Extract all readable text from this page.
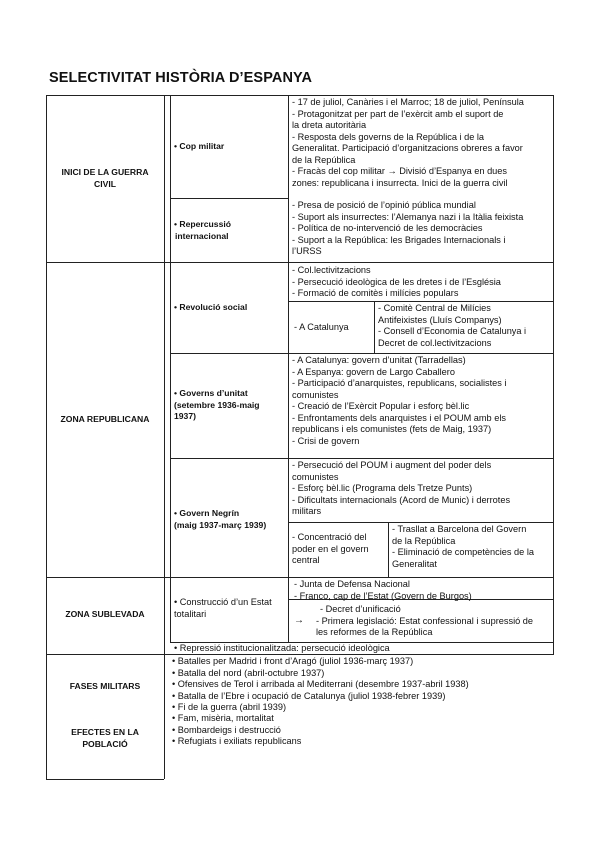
SELECTIVITAT HISTÒRIA D’ESPANYA
INICI DE LA GUERRA
CIVIL
• Cop militar
- 17 de juliol, Canàries i el Marroc; 18 de juliol, Península
- Protagonitzat per part de l’exèrcit amb el suport de
la dreta autoritària
- Resposta dels governs de la República i de la
Generalitat. Participació d’organitzacions obreres a favor
de la República
- Fracàs del cop militar → Divisió d’Espanya en dues
zones: republicana i insurrecta. Inici de la guerra civil
• Repercussió
internacional
- Presa de posició de l’opinió pública mundial
- Suport als insurrectes: l’Alemanya nazi i la Itàlia feixista
- Política de no-intervenció de les democràcies
- Suport a la República: les Brigades Internacionals i
l’URSS
ZONA REPUBLICANA
• Revolució social
- Col.lectivitzacions
- Persecució ideològica de les dretes i de l’Església
- Formació de comitès i milícies populars
- A Catalunya
- Comitè Central de Milícies
Antifeixistes (Lluís Companys)
- Consell d’Economia de Catalunya i
Decret de col.lectivitzacions
• Governs d’unitat
(setembre 1936-maig
1937)
- A Catalunya: govern d’unitat (Tarradellas)
- A Espanya: govern de Largo Caballero
- Participació d’anarquistes, republicans, socialistes i
comunistes
- Creació de l’Exèrcit Popular i esforç bèl.lic
- Enfrontaments dels anarquistes i el POUM amb els
republicans i els comunistes (fets de Maig, 1937)
- Crisi de govern
• Govern Negrín
(maig 1937-març 1939)
- Persecució del POUM i augment del poder dels
comunistes
- Esforç bèl.lic (Programa dels Tretze Punts)
- Dificultats internacionals (Acord de Munic) i derrotes
militars
- Concentració del
poder en el govern
central
- Trasllat a Barcelona del Govern
de la República
- Eliminació de competències de la
Generalitat
ZONA SUBLEVADA
• Construcció d’un Estat
totalitari
- Junta de Defensa Nacional
- Franco, cap de l’Estat (Govern de Burgos)
→
- Decret d’unificació
- Primera legislació: Estat confessional i supressió de
les reformes de la República
• Repressió institucionalitzada: persecució ideològica
FASES MILITARS
• Batalles per Madrid i front d’Aragó (juliol 1936-març 1937)
• Batalla del nord (abril-octubre 1937)
• Ofensives de Terol i arribada al Mediterrani (desembre 1937-abril 1938)
• Batalla de l’Ebre i ocupació de Catalunya (juliol 1938-febrer 1939)
• Fi de la guerra (abril 1939)
EFECTES EN LA
POBLACIÓ
• Fam, misèria, mortalitat
• Bombardeigs i destrucció
• Refugiats i exiliats republicans
